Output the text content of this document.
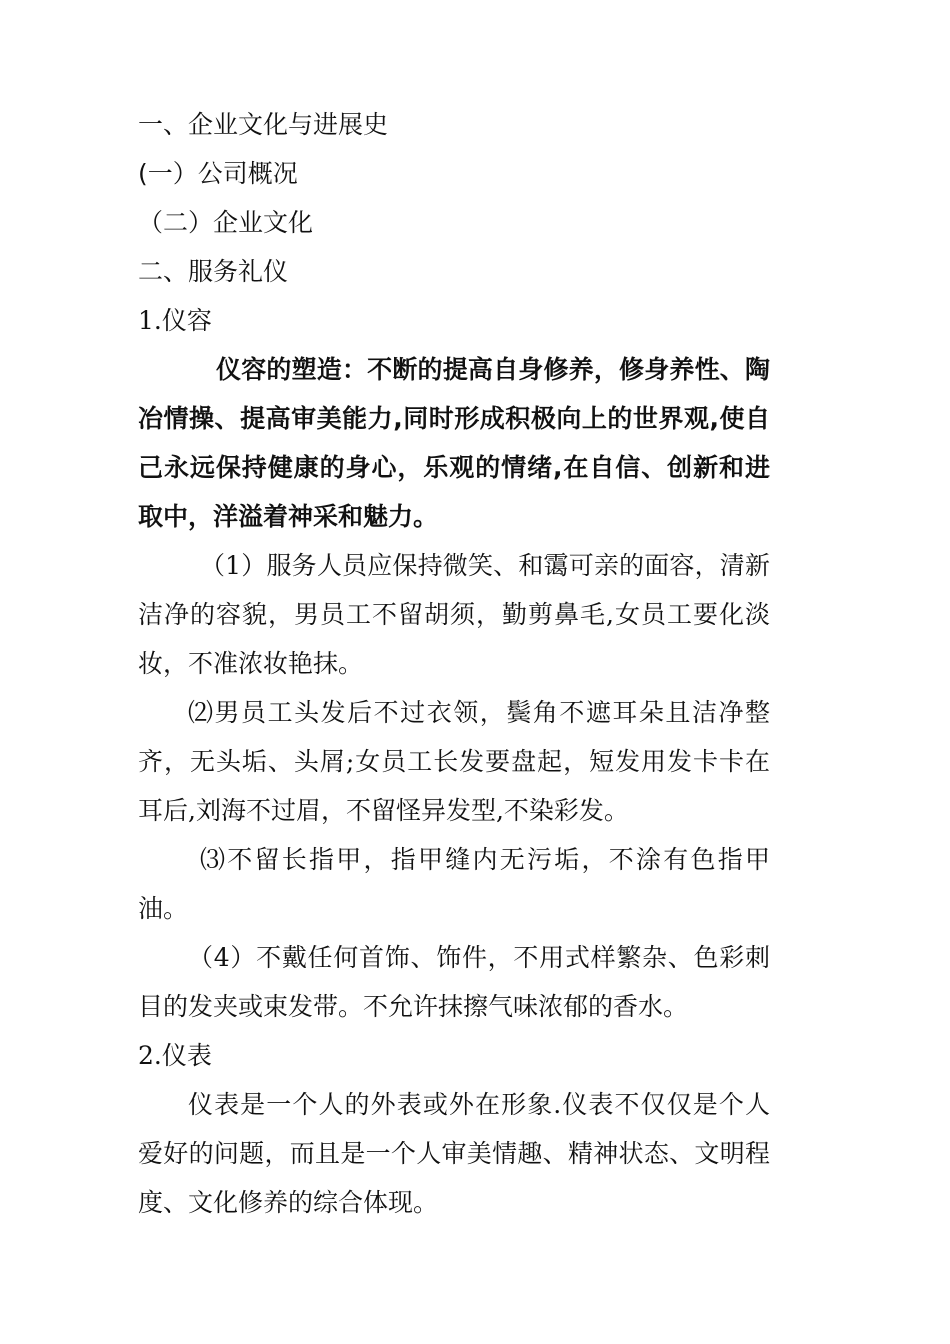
一、企业文化与进展史

(一）公司概况

（二）企业文化

二、服务礼仪

1.仪容

仪容的塑造：不断的提高自身修养，修身养性、陶冶情操、提高审美能力,同时形成积极向上的世界观,使自己永远保持健康的身心，乐观的情绪,在自信、创新和进取中，洋溢着神采和魅力。

（1）服务人员应保持微笑、和霭可亲的面容，清新洁净的容貌，男员工不留胡须，勤剪鼻毛,女员工要化淡妆，不准浓妆艳抹。

⑵男员工头发后不过衣领，鬓角不遮耳朵且洁净整齐，无头垢、头屑;女员工长发要盘起，短发用发卡卡在耳后,刘海不过眉，不留怪异发型,不染彩发。

⑶不留长指甲，指甲缝内无污垢，不涂有色指甲油。

（4）不戴任何首饰、饰件，不用式样繁杂、色彩刺目的发夹或束发带。不允许抹擦气味浓郁的香水。

2.仪表

仪表是一个人的外表或外在形象.仪表不仅仅是个人爱好的问题，而且是一个人审美情趣、精神状态、文明程度、文化修养的综合体现。
